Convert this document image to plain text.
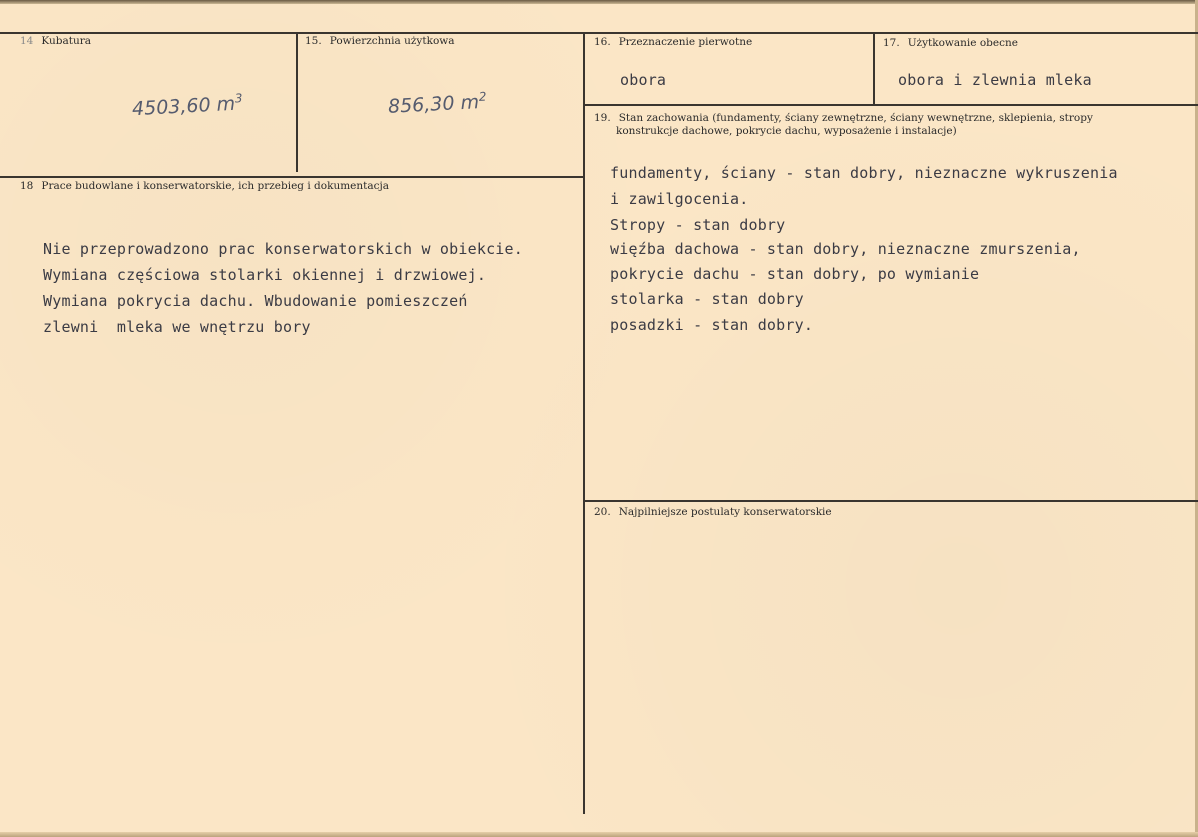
14 Kubatura
4503,60 $m^3$
15. Powierzchnia użytkowa
856,30 $m^2$
16. Przeznaczenie pierwotne
obora
17. Użytkowanie obecne
obora i zlewnia mleka
18 Prace budowlane i konserwatorskie, ich przebieg i dokumentacja
Nie przeprowadzono prac konserwatorskich w obiekcie.
Wymiana częściowa stolarki okiennej i drzwiowej.
Wymiana pokrycia dachu. Wbudowanie pomieszczeń
zlewni  mleka we wnętrzu bory
19. Stan zachowania (fundamenty, ściany zewnętrzne, ściany wewnętrzne, sklepienia, stropy
konstrukcje dachowe, pokrycie dachu, wyposażenie i instalacje)
fundamenty, ściany - stan dobry, nieznaczne wykruszenia
i zawilgocenia.
Stropy - stan dobry
więźba dachowa - stan dobry, nieznaczne zmurszenia,
pokrycie dachu - stan dobry, po wymianie
stolarka - stan dobry
posadzki - stan dobry.
20. Najpilniejsze postulaty konserwatorskie
